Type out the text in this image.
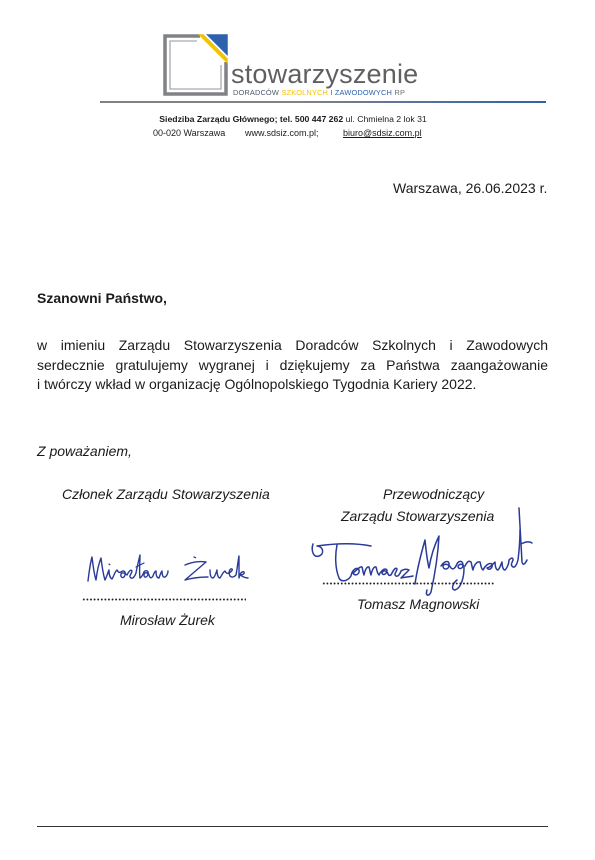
stowarzyszenie
DORADCÓW SZKOLNYCH I ZAWODOWYCH RP
Siedziba Zarządu Głównego; tel. 500 447 262 ul. Chmielna 2 lok 31
00-020 Warszawa www.sdsiz.com.pl;	biuro@sdsiz.com.pl
Warszawa, 26.06.2023 r.
Szanowni Państwo,
w imieniu Zarządu Stowarzyszenia Doradców Szkolnych i Zawodowych
serdecznie gratulujemy wygranej i dziękujemy za Państwa zaangażowanie
i twórczy wkład w organizację Ogólnopolskiego Tygodnia Kariery 2022.
Z poważaniem,
Członek Zarządu Stowarzyszenia
Mirosław Żurek
Przewodniczący
Zarządu Stowarzyszenia
Tomasz Magnowski
